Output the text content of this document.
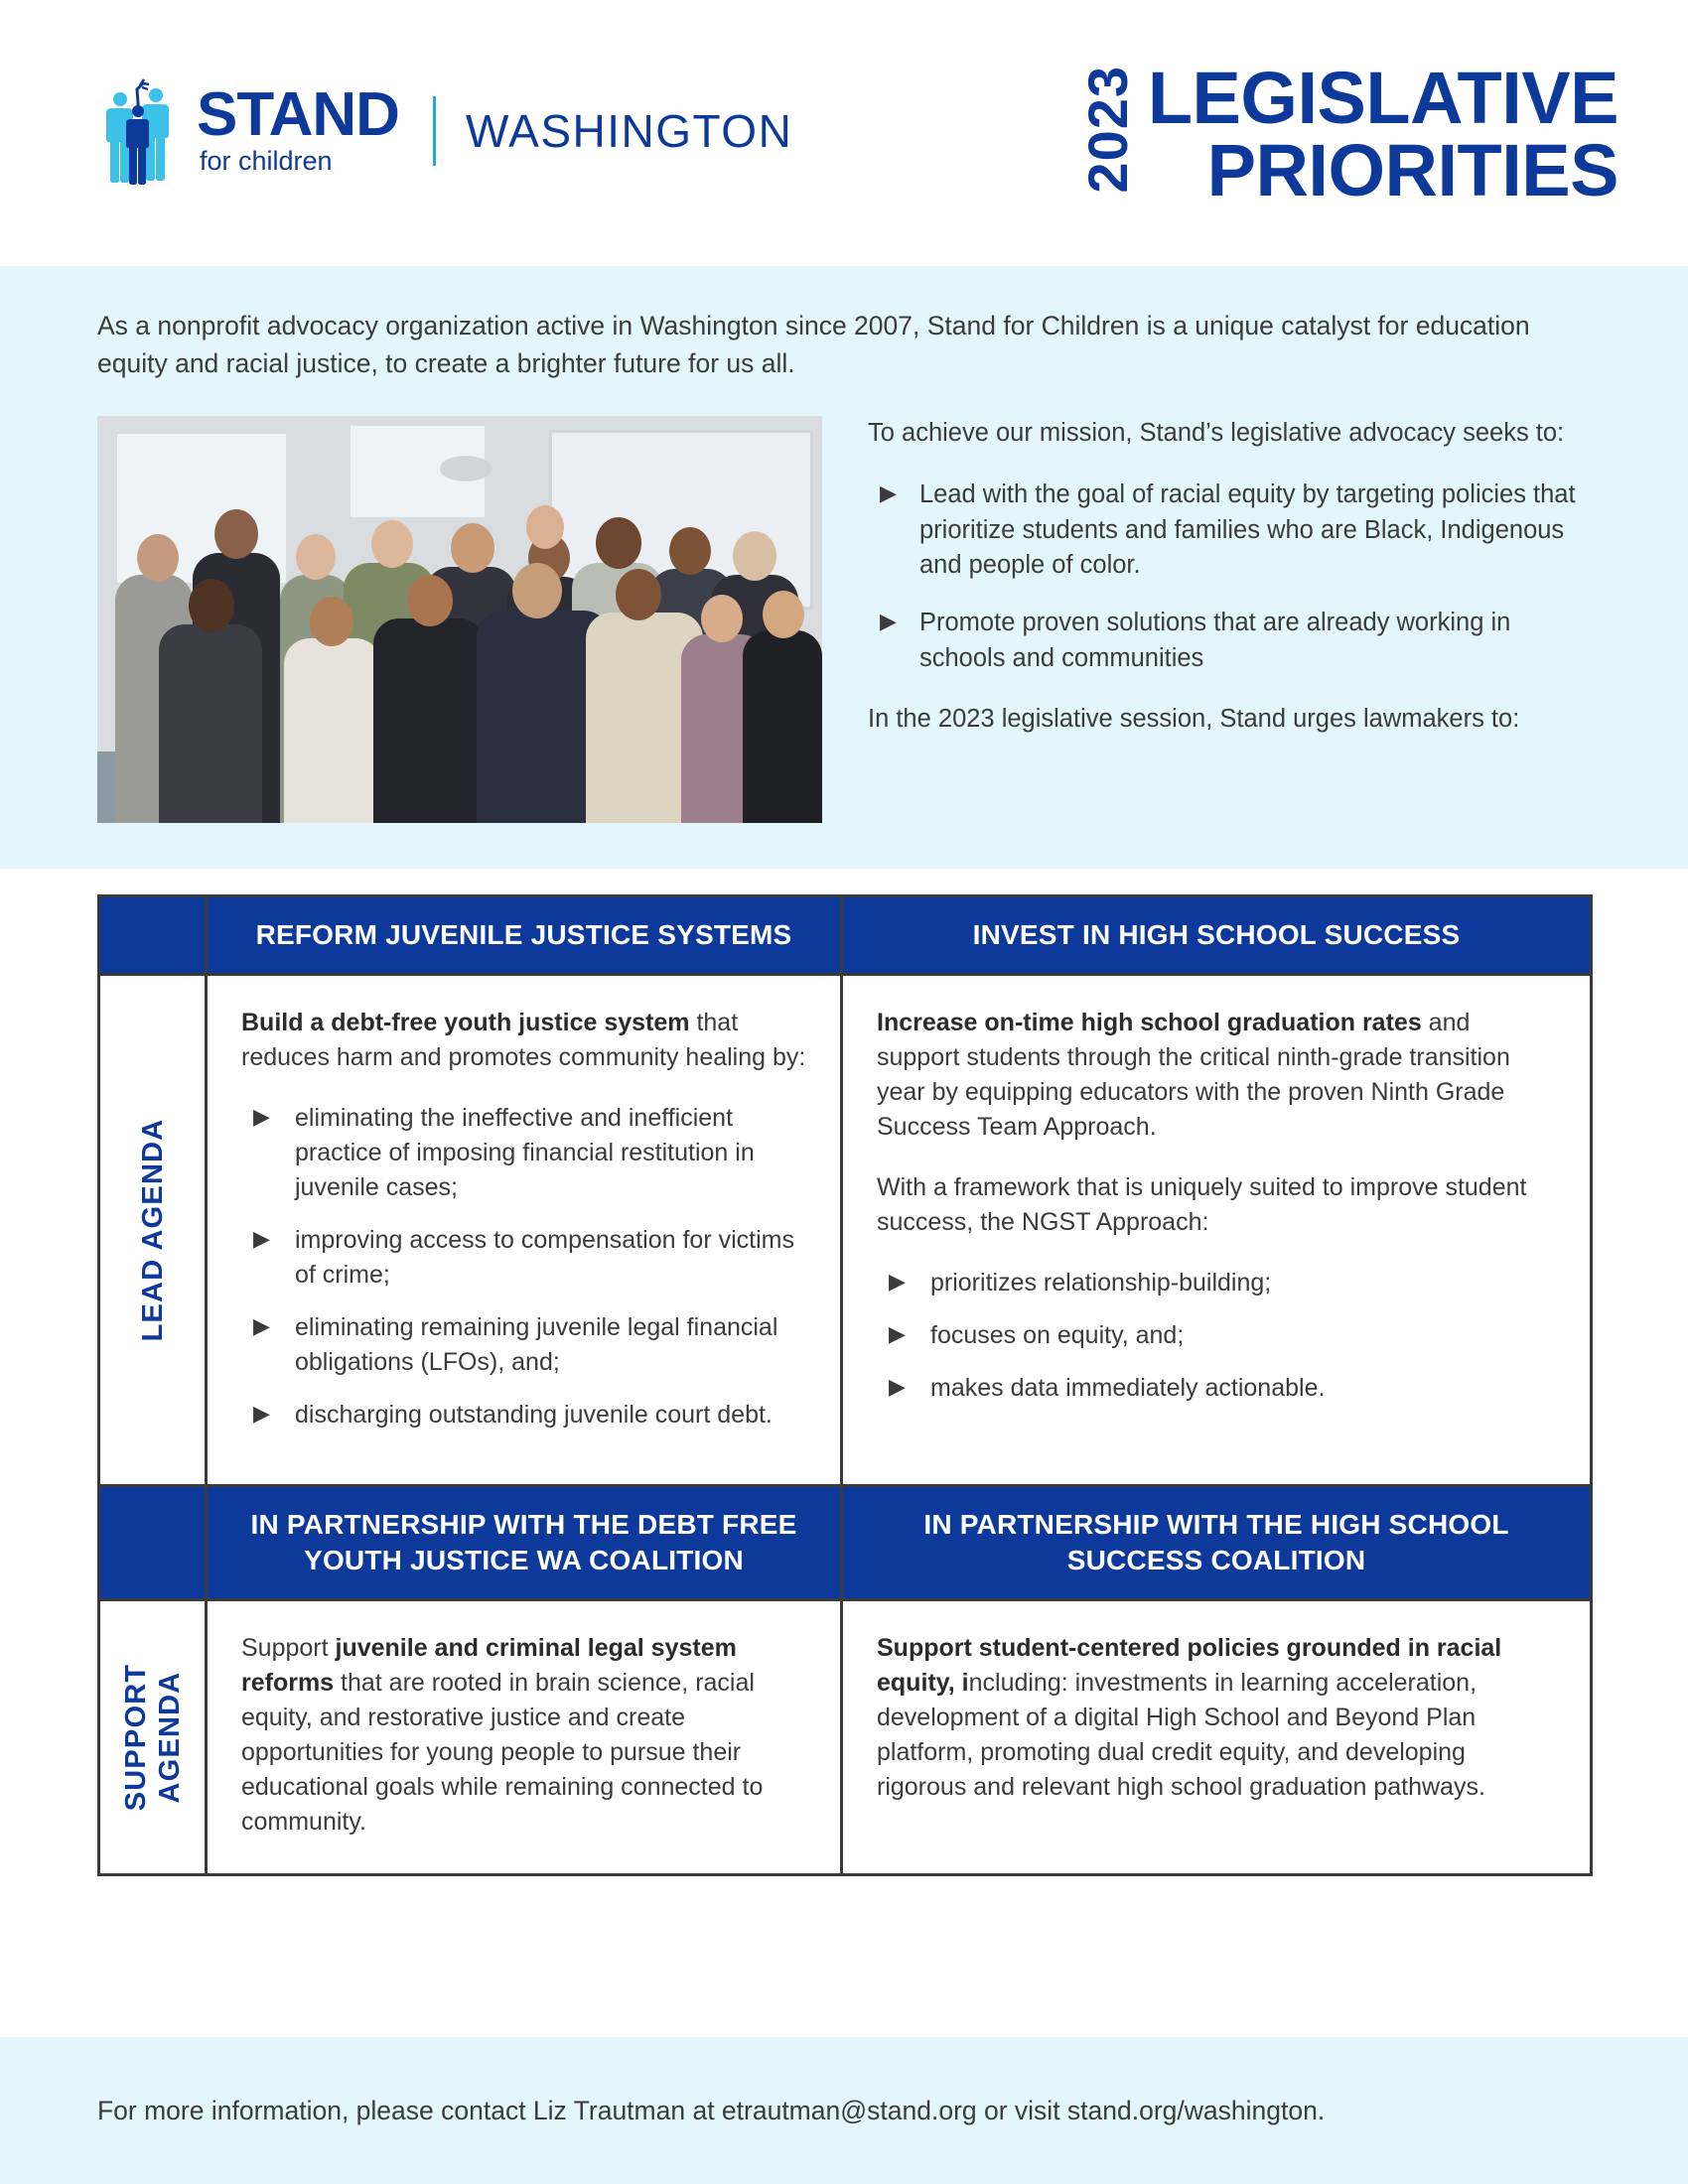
STAND
for children
WASHINGTON	2023 LEGISLATIVE
PRIORITIES

As a nonprofit advocacy organization active in Washington since 2007, Stand for Children is a unique catalyst for education equity and racial justice, to create a brighter future for us all.

To achieve our mission, Stand’s legislative advocacy seeks to:

▶ Lead with the goal of racial equity by targeting policies that prioritize students and families who are Black, Indigenous and people of color.
▶ Promote proven solutions that are already working in schools and communities

In the 2023 legislative session, Stand urges lawmakers to:

REFORM JUVENILE JUSTICE SYSTEMS	INVEST IN HIGH SCHOOL SUCCESS
LEAD AGENDA

Build a debt-free youth justice system that reduces harm and promotes community healing by:

▶ eliminating the ineffective and inefficient practice of imposing financial restitution in juvenile cases;
▶ improving access to compensation for victims of crime;
▶ eliminating remaining juvenile legal financial obligations (LFOs), and;
▶ discharging outstanding juvenile court debt.

Increase on-time high school graduation rates and support students through the critical ninth-grade transition year by equipping educators with the proven Ninth Grade Success Team Approach.

With a framework that is uniquely suited to improve student success, the NGST Approach:

▶ prioritizes relationship-building;
▶ focuses on equity, and;
▶ makes data immediately actionable.
IN PARTNERSHIP WITH THE DEBT FREE YOUTH JUSTICE WA COALITION
IN PARTNERSHIP WITH THE HIGH SCHOOL SUCCESS COALITION
SUPPORT
AGENDA

Support juvenile and criminal legal system reforms that are rooted in brain science, racial equity, and restorative justice and create opportunities for young people to pursue their educational goals while remaining connected to community.

Support student-centered policies grounded in racial equity, including: investments in learning acceleration, development of a digital High School and Beyond Plan platform, promoting dual credit equity, and developing rigorous and relevant high school graduation pathways.

For more information, please contact Liz Trautman at etrautman@stand.org or visit stand.org/washington.
